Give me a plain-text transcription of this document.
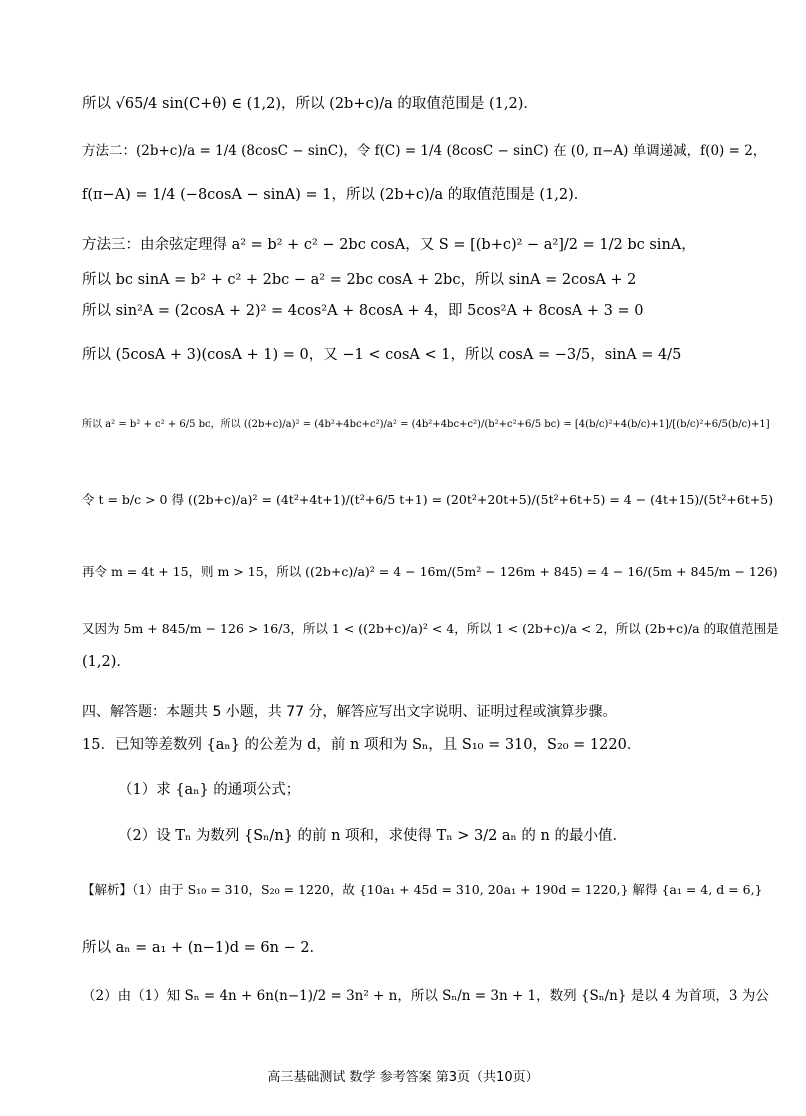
所以 √65/4 sin(C+θ) ∈ (1,2)，所以 (2b+c)/a 的取值范围是 (1,2)．
方法二：(2b+c)/a = 1/4 (8cosC − sinC)，令 f(C) = 1/4 (8cosC − sinC) 在 (0, π−A) 单调递减，f(0) = 2，
f(π−A) = 1/4 (−8cosA − sinA) = 1，所以 (2b+c)/a 的取值范围是 (1,2)．
方法三：由余弦定理得 a² = b² + c² − 2bc cosA，又 S = [(b+c)² − a²]/2 = 1/2 bc sinA，
所以 bc sinA = b² + c² + 2bc − a² = 2bc cosA + 2bc，所以 sinA = 2cosA + 2
所以 sin²A = (2cosA + 2)² = 4cos²A + 8cosA + 4，即 5cos²A + 8cosA + 3 = 0
所以 (5cosA + 3)(cosA + 1) = 0，又 −1 < cosA < 1，所以 cosA = −3/5，sinA = 4/5
所以 a² = b² + c² + 6/5 bc，所以 ((2b+c)/a)² = (4b²+4bc+c²)/a² = (4b²+4bc+c²)/(b²+c²+6/5 bc) = [4(b/c)²+4(b/c)+1]/[(b/c)²+6/5(b/c)+1]
令 t = b/c > 0 得 ((2b+c)/a)² = (4t²+4t+1)/(t²+6/5 t+1) = (20t²+20t+5)/(5t²+6t+5) = 4 − (4t+15)/(5t²+6t+5)
再令 m = 4t + 15，则 m > 15，所以 ((2b+c)/a)² = 4 − 16m/(5m² − 126m + 845) = 4 − 16/(5m + 845/m − 126)
又因为 5m + 845/m − 126 > 16/3，所以 1 < ((2b+c)/a)² < 4，所以 1 < (2b+c)/a < 2，所以 (2b+c)/a 的取值范围是
(1,2)．
四、解答题：本题共 5 小题，共 77 分，解答应写出文字说明、证明过程或演算步骤。
15．已知等差数列 {aₙ} 的公差为 d，前 n 项和为 Sₙ，且 S₁₀ = 310，S₂₀ = 1220．
（1）求 {aₙ} 的通项公式；
（2）设 Tₙ 为数列 {Sₙ/n} 的前 n 项和，求使得 Tₙ > 3/2 aₙ 的 n 的最小值．
【解析】（1）由于 S₁₀ = 310，S₂₀ = 1220，故 {10a₁ + 45d = 310, 20a₁ + 190d = 1220,} 解得 {a₁ = 4, d = 6,}
所以 aₙ = a₁ + (n−1)d = 6n − 2．
（2）由（1）知 Sₙ = 4n + 6n(n−1)/2 = 3n² + n，所以 Sₙ/n = 3n + 1，数列 {Sₙ/n} 是以 4 为首项，3 为公
高三基础测试 数学 参考答案 第3页（共10页）
